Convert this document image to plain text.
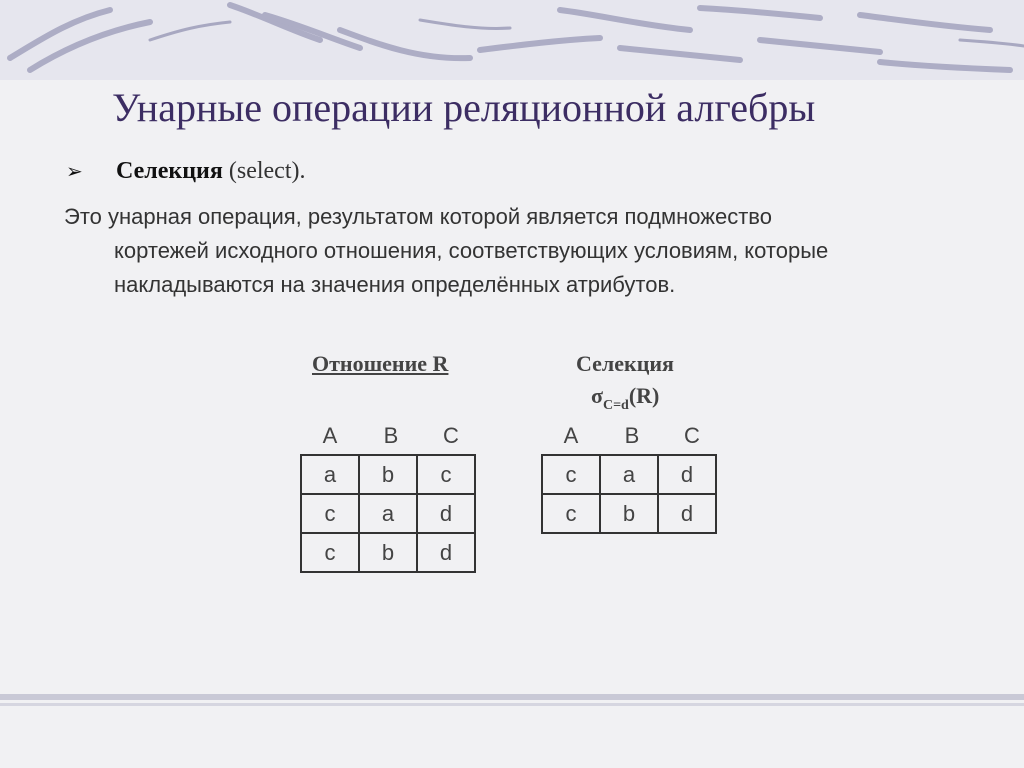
Унарные операции реляционной алгебры
➢ Селекция (select).
Это унарная операция, результатом которой является подмножество
кортежей исходного отношения, соответствующих условиям, которые
накладываются на значения определённых атрибутов.
Отношение R	Селекция
$\sigma_{C=d}(R)$
A	B	C
a	b	c
c	a	d
c	b	d
A	B	C
c	a	d
c	b	d
